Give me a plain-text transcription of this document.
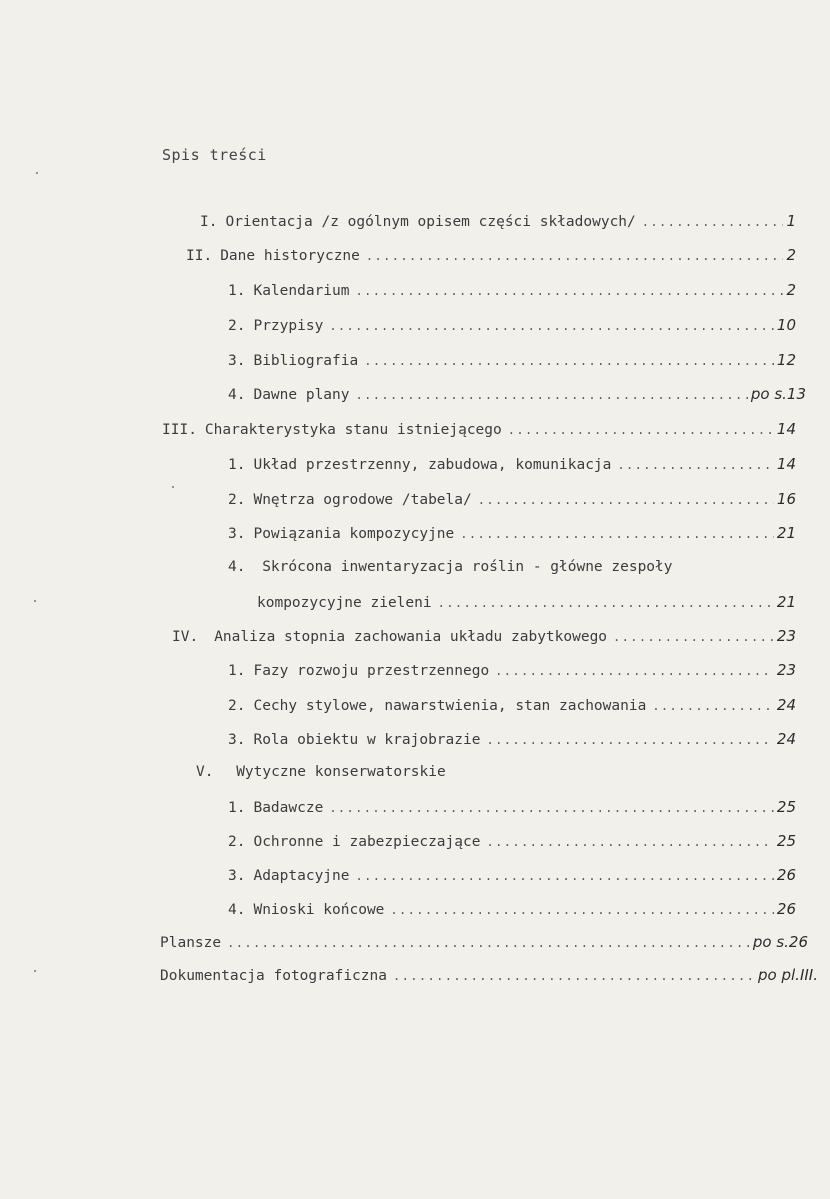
Spis treści
I. Orientacja /z ogólnym opisem części składowych/ .....	1
II. Dane historyczne .....	2
1. Kalendarium .....	2
2. Przypisy .....	10
3. Bibliografia .....	12
4. Dawne plany .....	po s.13
III. Charakterystyka stanu istniejącego .....	14
1. Układ przestrzenny, zabudowa, komunikacja .....	14
2. Wnętrza ogrodowe /tabela/ .....	16
3. Powiązania kompozycyjne .....	21
4. Skrócona inwentaryzacja roślin - główne zespoły
kompozycyjne zieleni .....	21
IV. Analiza stopnia zachowania układu zabytkowego .....	23
1. Fazy rozwoju przestrzennego .....	23
2. Cechy stylowe, nawarstwienia, stan zachowania .....	24
3. Rola obiektu w krajobrazie .....	24
V. Wytyczne konserwatorskie
1. Badawcze .....	25
2. Ochronne i zabezpieczające .....	25
3. Adaptacyjne .....	26
4. Wnioski końcowe .....	26
Plansze .....	po s.26
Dokumentacja fotograficzna .....	po pl.III.
